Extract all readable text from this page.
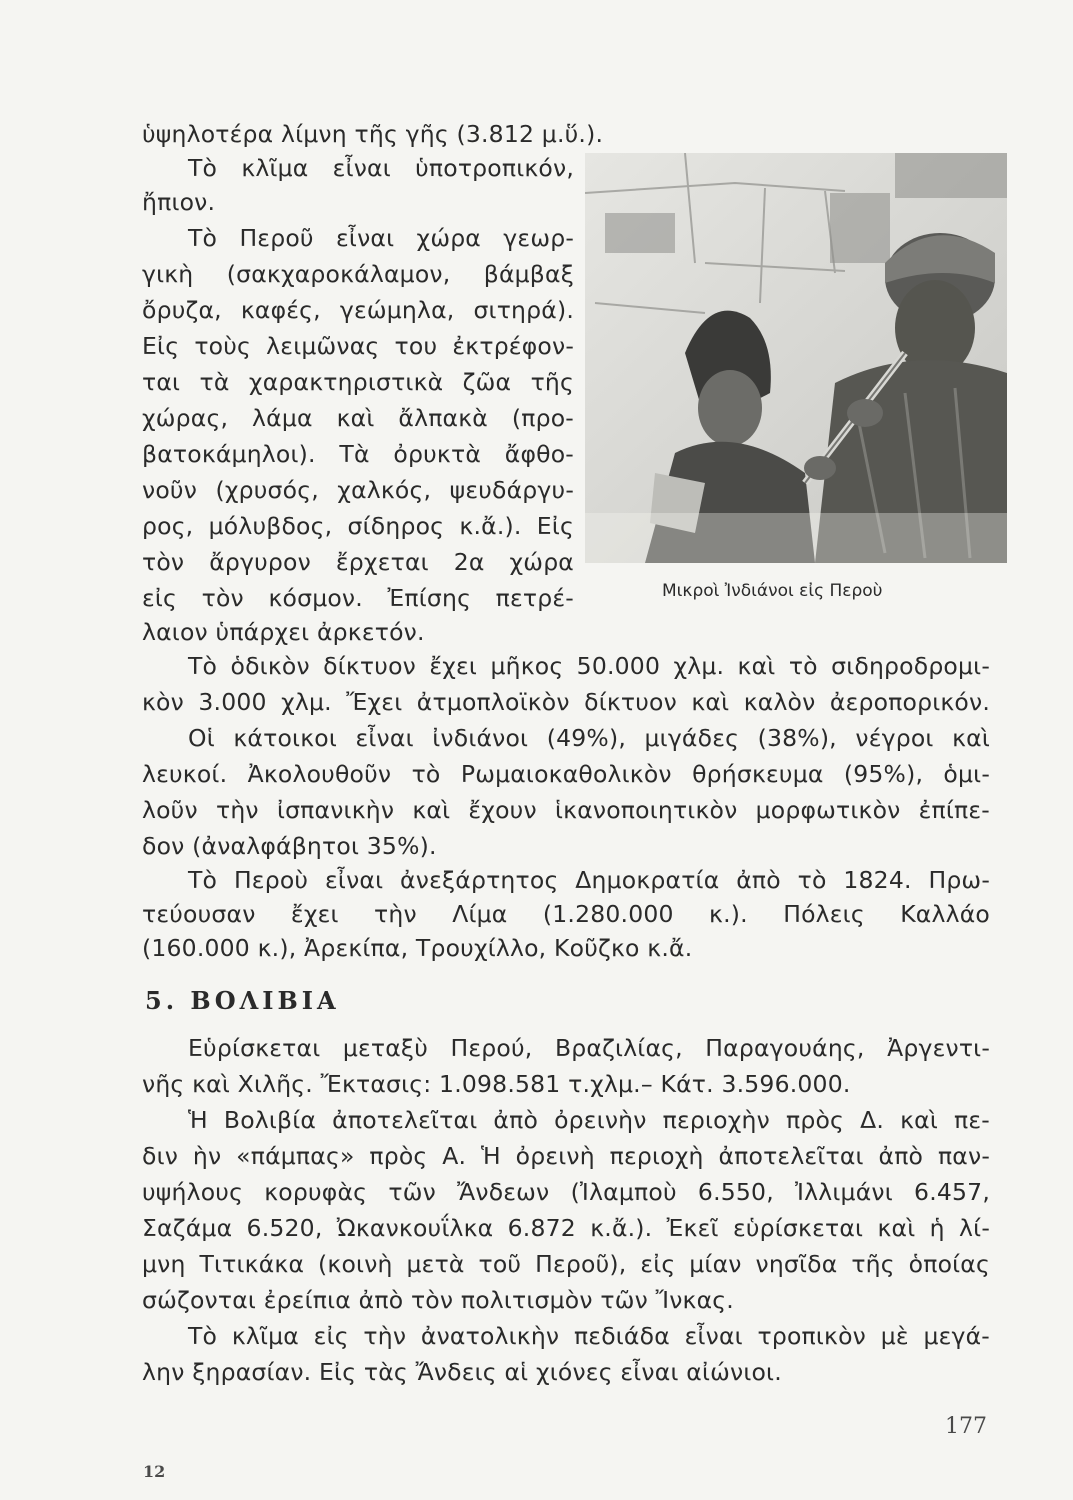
ὑψηλοτέρα λίμνη τῆς γῆς (3.812 μ.ὕ.).
Τὸ κλῖμα εἶναι ὑποτροπικόν,
ἤπιον.
Τὸ Περοῦ εἶναι χώρα γεωρ-
γικὴ (σακχαροκάλαμον, βάμβαξ
ὄρυζα, καφές, γεώμηλα, σιτηρά).
Εἰς τοὺς λειμῶνας του ἐκτρέφον-
ται τὰ χαρακτηριστικὰ ζῶα τῆς
χώρας, λάμα καὶ ἄλπακὰ (προ-
βατοκάμηλοι). Τὰ ὀρυκτὰ ἄφθο-
νοῦν (χρυσός, χαλκός, ψευδάργυ-
ρος, μόλυβδος, σίδηρος κ.ἄ.). Εἰς
τὸν ἄργυρον ἔρχεται 2α χώρα
εἰς τὸν κόσμον. Ἐπίσης πετρέ-
λαιον ὑπάρχει ἀρκετόν.
Μικροὶ Ἰνδιάνοι εἰς Περοὺ
Τὸ ὁδικὸν δίκτυον ἔχει μῆκος 50.000 χλμ. καὶ τὸ σιδηροδρομι-
κὸν 3.000 χλμ. Ἔχει ἀτμοπλοϊκὸν δίκτυον καὶ καλὸν ἀεροπορικόν.
Οἱ κάτοικοι εἶναι ἰνδιάνοι (49%), μιγάδες (38%), νέγροι καὶ
λευκοί. Ἀκολουθοῦν τὸ Ρωμαιοκαθολικὸν θρήσκευμα (95%), ὁμι-
λοῦν τὴν ἰσπανικὴν καὶ ἔχουν ἱκανοποιητικὸν μορφωτικὸν ἐπίπε-
δον (ἀναλφάβητοι 35%).
Τὸ Περοὺ εἶναι ἀνεξάρτητος Δημοκρατία ἀπὸ τὸ 1824. Πρω-
τεύουσαν ἔχει τὴν Λίμα (1.280.000 κ.). Πόλεις Καλλάο
(160.000 κ.), Ἀρεκίπα, Τρουχίλλο, Κοῦζκο κ.ἄ.
5. ΒΟΛΙΒΙΑ
Εὑρίσκεται μεταξὺ Περού, Βραζιλίας, Παραγουάης, Ἀργεντι-
νῆς καὶ Χιλῆς. Ἔκτασις: 1.098.581 τ.χλμ.– Κάτ. 3.596.000.
Ἡ Βολιβία ἀποτελεῖται ἀπὸ ὀρεινὴν περιοχὴν πρὸς Δ. καὶ πε-
διν ὴν «πάμπας» πρὸς Α. Ἡ ὀρεινὴ περιοχὴ ἀποτελεῖται ἀπὸ παν-
υψήλους κορυφὰς τῶν Ἄνδεων (Ἰλαμποὺ 6.550, Ἰλλιμάνι 6.457,
Σαζάμα 6.520, Ὠκανκουΐλκα 6.872 κ.ἄ.). Ἐκεῖ εὑρίσκεται καὶ ἡ λί-
μνη Τιτικάκα (κοινὴ μετὰ τοῦ Περοῦ), εἰς μίαν νησῖδα τῆς ὁποίας
σώζονται ἐρείπια ἀπὸ τὸν πολιτισμὸν τῶν Ἴνκας.
Τὸ κλῖμα εἰς τὴν ἀνατολικὴν πεδιάδα εἶναι τροπικὸν μὲ μεγά-
λην ξηρασίαν. Εἰς τὰς Ἄνδεις αἱ χιόνες εἶναι αἰώνιοι.
177
12
